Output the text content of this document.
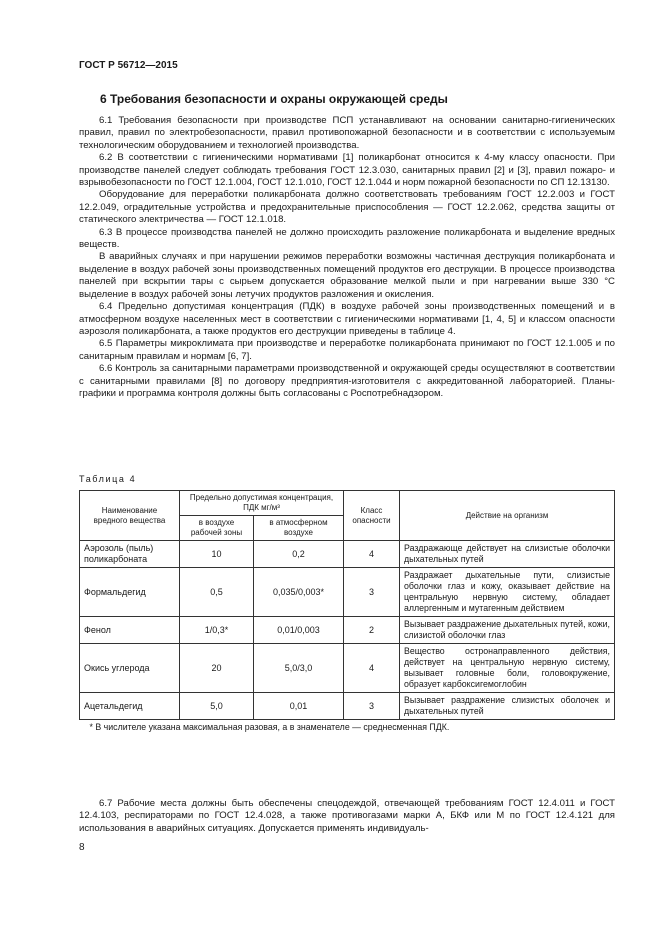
ГОСТ Р 56712—2015
6 Требования безопасности и охраны окружающей среды

6.1 Требования безопасности при производстве ПСП устанавливают на основании санитарно-гигиенических правил, правил по электробезопасности, правил противопожарной безопасности и в соответствии с используемым технологическим оборудованием и технологией производства.

6.2 В соответствии с гигиеническими нормативами [1] поликарбонат относится к 4-му классу опасности. При производстве панелей следует соблюдать требования ГОСТ 12.3.030, санитарных правил [2] и [3], правил пожаро- и взрывобезопасности по ГОСТ 12.1.004, ГОСТ 12.1.010, ГОСТ 12.1.044 и норм пожарной безопасности по СП 12.13130.

Оборудование для переработки поликарбоната должно соответствовать требованиям ГОСТ 12.2.003 и ГОСТ 12.2.049, оградительные устройства и предохранительные приспособления — ГОСТ 12.2.062, средства защиты от статического электричества — ГОСТ 12.1.018.

6.3 В процессе производства панелей не должно происходить разложение поликарбоната и выделение вредных веществ.

В аварийных случаях и при нарушении режимов переработки возможны частичная деструкция поликарбоната и выделение в воздух рабочей зоны производственных помещений продуктов его деструкции. В процессе производства панелей при вскрытии тары с сырьем допускается образование мелкой пыли и при нагревании выше 330 °С выделение в воздух рабочей зоны летучих продуктов разложения и окисления.

6.4 Предельно допустимая концентрация (ПДК) в воздухе рабочей зоны производственных помещений и в атмосферном воздухе населенных мест в соответствии с гигиеническими нормативами [1, 4, 5] и классом опасности аэрозоля поликарбоната, а также продуктов его деструкции приведены в таблице 4.

6.5 Параметры микроклимата при производстве и переработке поликарбоната принимают по ГОСТ 12.1.005 и по санитарным правилам и нормам [6, 7].

6.6 Контроль за санитарными параметрами производственной и окружающей среды осуществляют в соответствии с санитарными правилами [8] по договору предприятия-изготовителя с аккредитованной лабораторией. Планы-графики и программа контроля должны быть согласованы с Роспотребнадзором.

Таблица 4
Наименование вредного вещества	Предельно допустимая концентрация, ПДК мг/м³		Класс опасности	Действие на организм
	в воздухе рабочей зоны	в атмосферном воздухе		
Аэрозоль (пыль) поликарбоната	10	0,2	4	Раздражающе действует на слизистые оболочки дыхательных путей
Формальдегид	0,5	0,035/0,003*	3	Раздражает дыхательные пути, слизистые оболочки глаз и кожу, оказывает действие на центральную нервную систему, обладает аллергенным и мутагенным действием
Фенол	1/0,3*	0,01/0,003	2	Вызывает раздражение дыхательных путей, кожи, слизистой оболочки глаз
Окись углерода	20	5,0/3,0	4	Вещество остронаправленного действия, действует на центральную нервную систему, вызывает головные боли, головокружение, образует карбоксигемоглобин
Ацетальдегид	5,0	0,01	3	Вызывает раздражение слизистых оболочек и дыхательных путей
* В числителе указана максимальная разовая, а в знаменателе — среднесменная ПДК.				

6.7 Рабочие места должны быть обеспечены спецодеждой, отвечающей требованиям ГОСТ 12.4.011 и ГОСТ 12.4.103, респираторами по ГОСТ 12.4.028, а также противогазами марки А, БКФ или М по ГОСТ 12.4.121 для использования в аварийных ситуациях. Допускается применять индивидуаль-

8
